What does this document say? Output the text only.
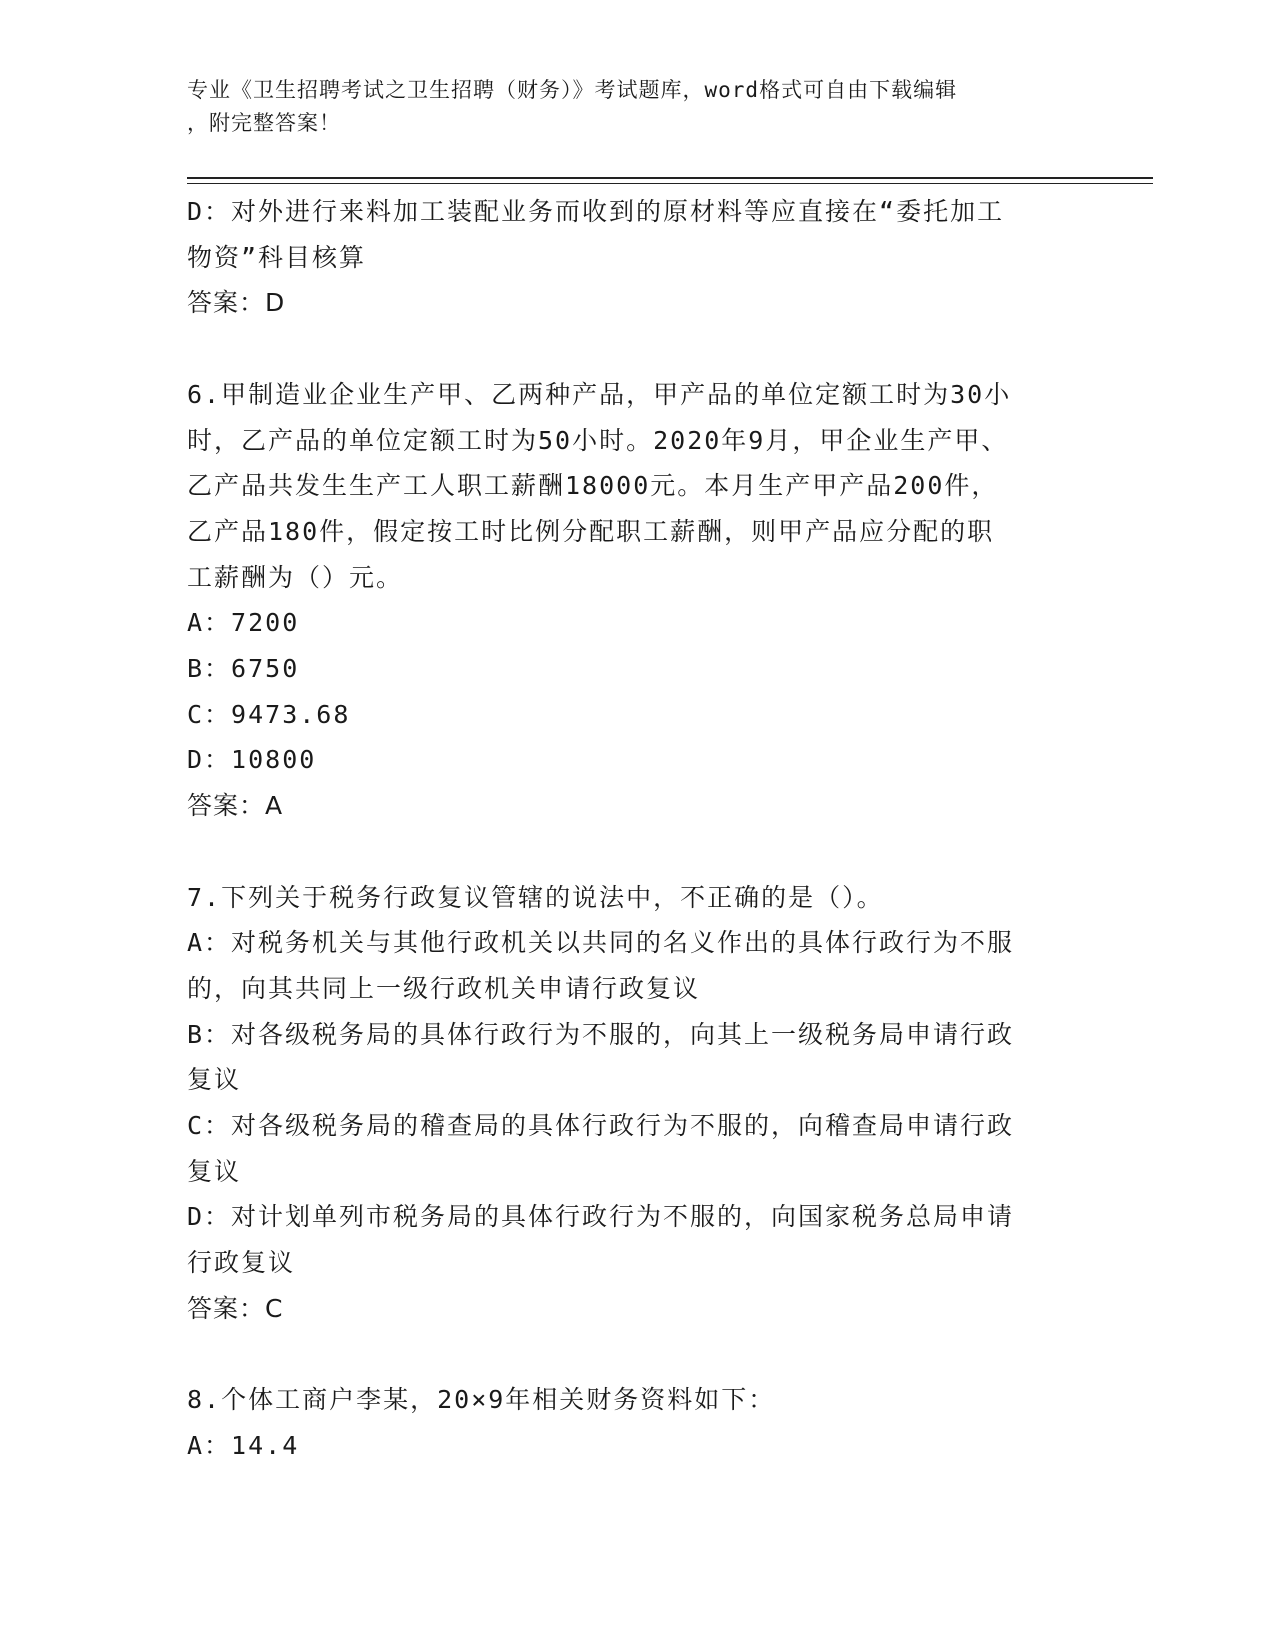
专业《卫生招聘考试之卫生招聘（财务）》考试题库，word格式可自由下载编辑
，附完整答案！
D：对外进行来料加工装配业务而收到的原材料等应直接在“委托加工
物资”科目核算
答案：D
6.甲制造业企业生产甲、乙两种产品，甲产品的单位定额工时为30小
时，乙产品的单位定额工时为50小时。2020年9月，甲企业生产甲、
乙产品共发生生产工人职工薪酬18000元。本月生产甲产品200件，
乙产品180件，假定按工时比例分配职工薪酬，则甲产品应分配的职
工薪酬为（）元。
A：7200
B：6750
C：9473.68
D：10800
答案：A
7.下列关于税务行政复议管辖的说法中，不正确的是（）。
A：对税务机关与其他行政机关以共同的名义作出的具体行政行为不服
的，向其共同上一级行政机关申请行政复议
B：对各级税务局的具体行政行为不服的，向其上一级税务局申请行政
复议
C：对各级税务局的稽查局的具体行政行为不服的，向稽查局申请行政
复议
D：对计划单列市税务局的具体行政行为不服的，向国家税务总局申请
行政复议
答案：C
8.个体工商户李某，20×9年相关财务资料如下：
A：14.4
